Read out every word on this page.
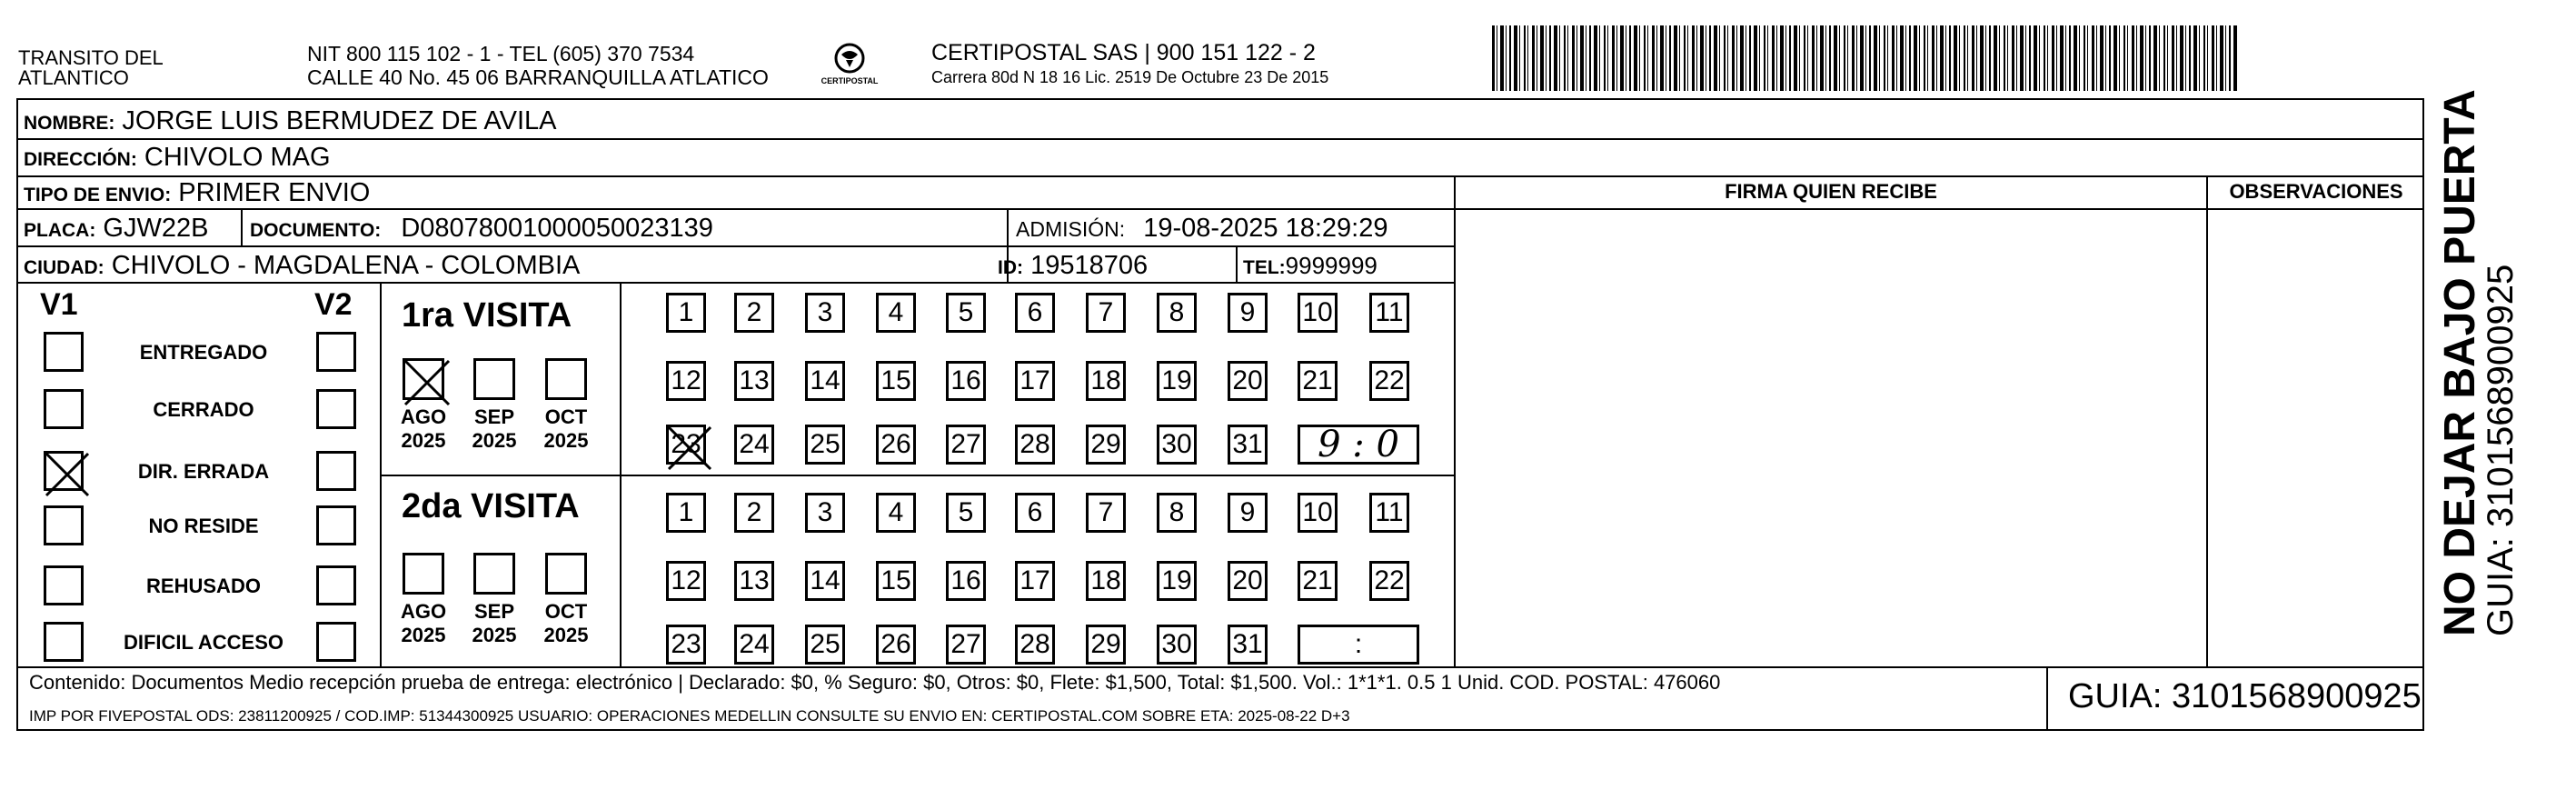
TRANSITO DEL
ATLANTICO
NIT 800 115 102 - 1 - TEL (605) 370 7534
CALLE 40 No. 45 06 BARRANQUILLA ATLATICO	CERTIPOSTAL
CERTIPOSTAL SAS | 900 151 122 - 2
Carrera 80d N 18 16 Lic. 2519 De Octubre 23 De 2015
NOMBRE: JORGE LUIS BERMUDEZ DE AVILA
DIRECCIÓN: CHIVOLO MAG
TIPO DE ENVIO: PRIMER ENVIO
PLACA: GJW22B DOCUMENTO: D08078001000050023139	ADMISIÓN: 19-08-2025 18:29:29
CIUDAD: CHIVOLO - MAGDALENA - COLOMBIA	ID: 19518706	TEL:9999999
FIRMA QUIEN RECIBE	OBSERVACIONES
V1	V2
ENTREGADO
CERRADO
DIR. ERRADA
NO RESIDE
REHUSADO
DIFICIL ACCESO
1ra VISITA
AGO
2025
SEP
2025
OCT
2025
1	2	3	4	5	6	7	8	9	10 11
12 13 14 15 16 17 18 19 20 21 22
23 24 25 26 27 28 29 30 31	9 : 0
2da VISITA
AGO
2025
SEP
2025
OCT
2025
1	2	3	4	5	6	7	8	9	10 11
12 13 14 15 16 17 18 19 20 21 22
23 24 25 26 27 28 29 30 31	:
Contenido: Documentos Medio recepción prueba de entrega: electrónico | Declarado: $0, % Seguro: $0, Otros: $0, Flete: $1,500, Total: $1,500. Vol.: 1*1*1. 0.5 1 Unid. COD. POSTAL: 476060
IMP POR FIVEPOSTAL ODS: 23811200925 / COD.IMP: 51344300925 USUARIO: OPERACIONES MEDELLIN CONSULTE SU ENVIO EN: CERTIPOSTAL.COM SOBRE ETA: 2025-08-22 D+3
GUIA: 3101568900925
NO DEJAR BAJO PUERTA
GUIA: 3101568900925
